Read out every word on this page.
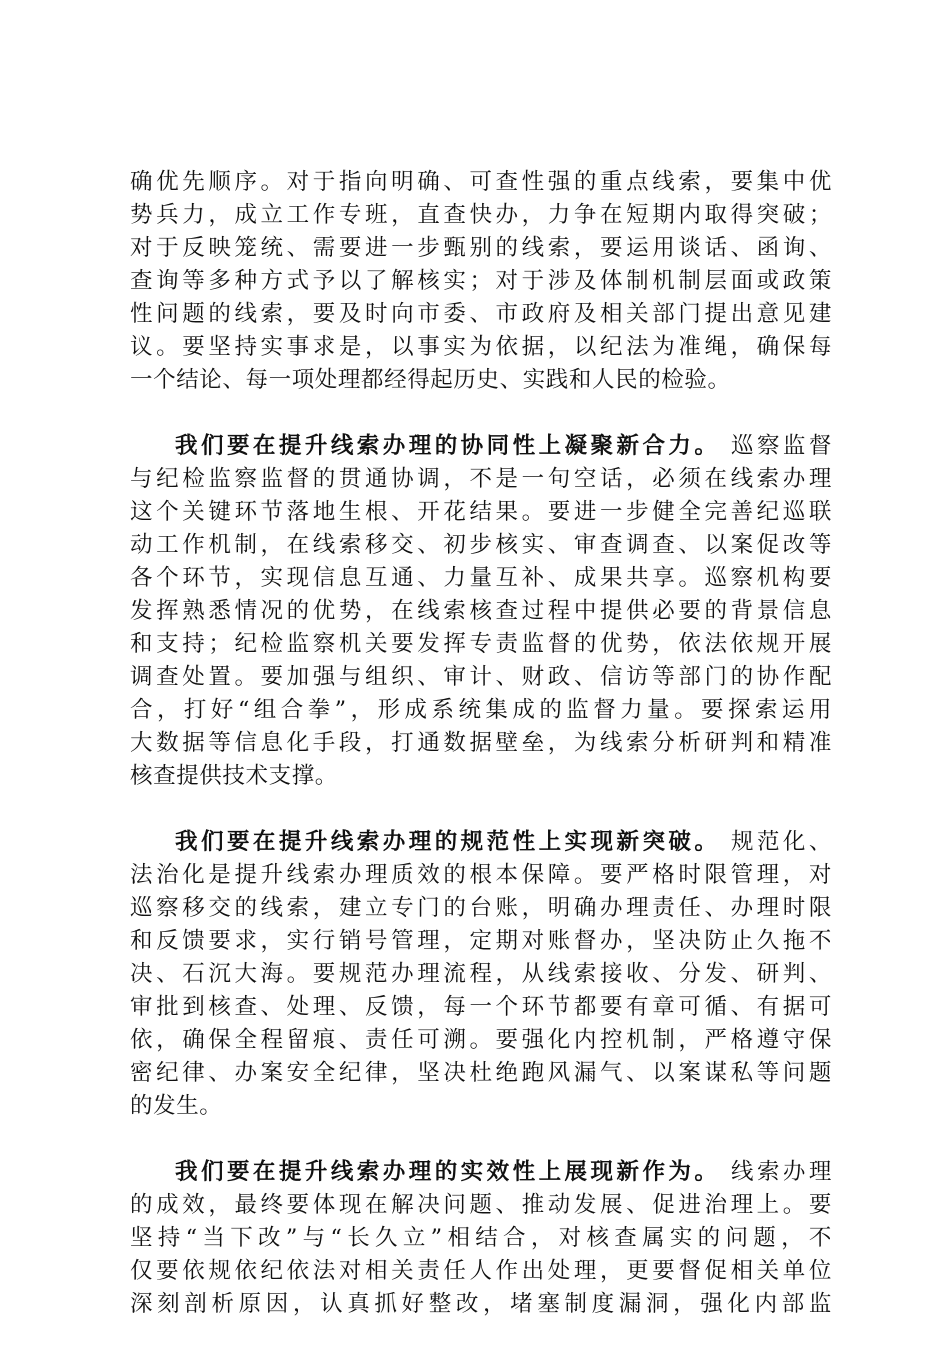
确优先顺序。对于指向明确、可查性强的重点线索，要集中优
势兵力，成立工作专班，直查快办，力争在短期内取得突破；
对于反映笼统、需要进一步甄别的线索，要运用谈话、函询、
查询等多种方式予以了解核实；对于涉及体制机制层面或政策
性问题的线索，要及时向市委、市政府及相关部门提出意见建
议。要坚持实事求是，以事实为依据，以纪法为准绳，确保每
一个结论、每一项处理都经得起历史、实践和人民的检验。
我们要在提升线索办理的协同性上凝聚新合力。 巡察监督
与纪检监察监督的贯通协调，不是一句空话，必须在线索办理
这个关键环节落地生根、开花结果。要进一步健全完善纪巡联
动工作机制，在线索移交、初步核实、审查调查、以案促改等
各个环节，实现信息互通、力量互补、成果共享。巡察机构要
发挥熟悉情况的优势，在线索核查过程中提供必要的背景信息
和支持；纪检监察机关要发挥专责监督的优势，依法依规开展
调查处置。要加强与组织、审计、财政、信访等部门的协作配
合，打好“组合拳”，形成系统集成的监督力量。要探索运用
大数据等信息化手段，打通数据壁垒，为线索分析研判和精准
核查提供技术支撑。
我们要在提升线索办理的规范性上实现新突破。 规范化、
法治化是提升线索办理质效的根本保障。要严格时限管理，对
巡察移交的线索，建立专门的台账，明确办理责任、办理时限
和反馈要求，实行销号管理，定期对账督办，坚决防止久拖不
决、石沉大海。要规范办理流程，从线索接收、分发、研判、
审批到核查、处理、反馈，每一个环节都要有章可循、有据可
依，确保全程留痕、责任可溯。要强化内控机制，严格遵守保
密纪律、办案安全纪律，坚决杜绝跑风漏气、以案谋私等问题
的发生。
我们要在提升线索办理的实效性上展现新作为。 线索办理
的成效，最终要体现在解决问题、推动发展、促进治理上。要
坚持“当下改”与“长久立”相结合，对核查属实的问题，不
仅要依规依纪依法对相关责任人作出处理，更要督促相关单位
深刻剖析原因，认真抓好整改，堵塞制度漏洞，强化内部监
